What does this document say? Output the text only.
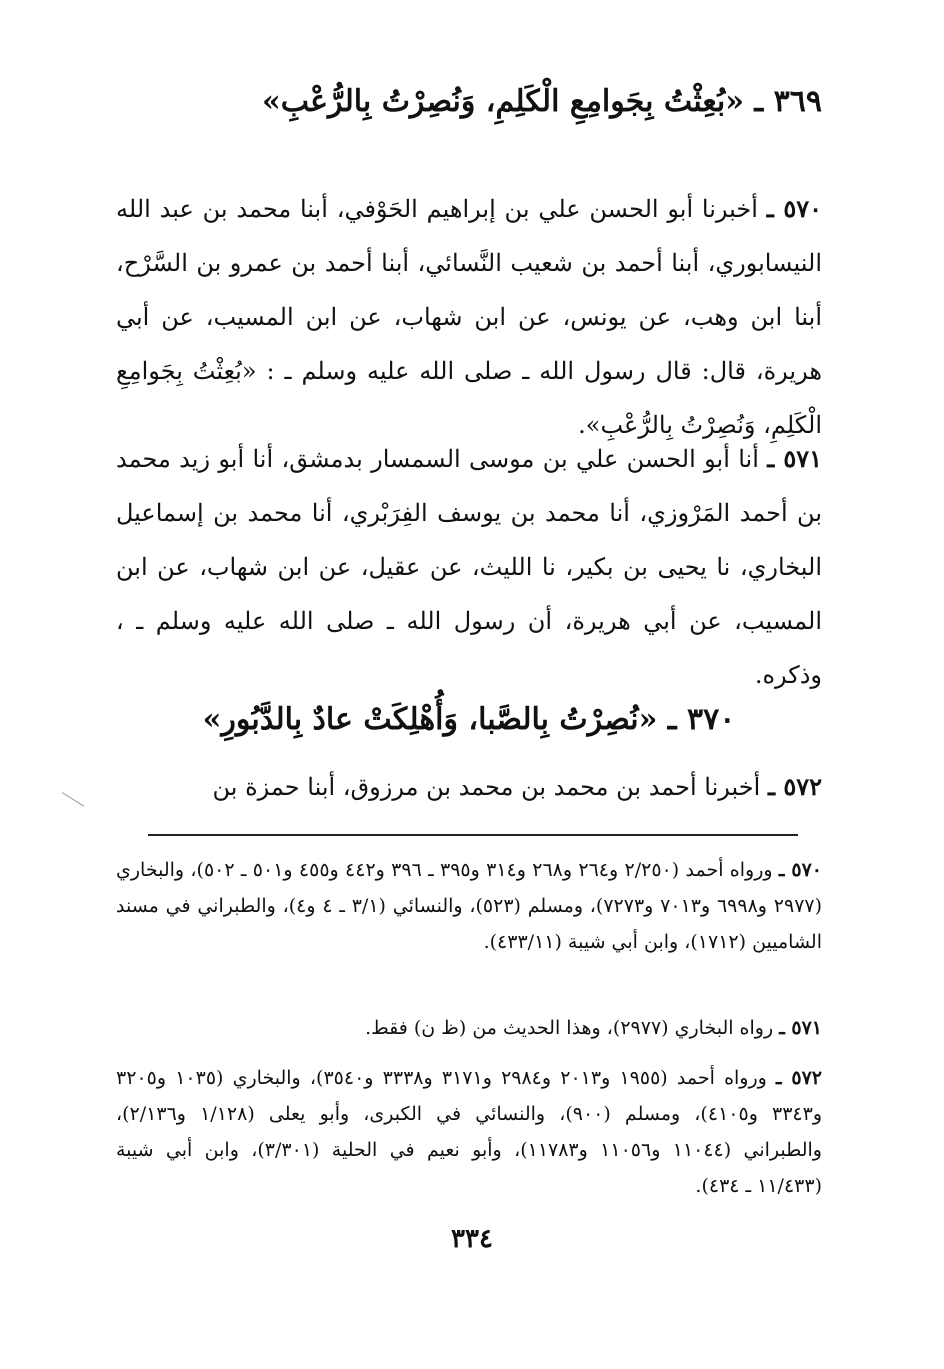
٣٦٩ ـ «بُعِثْتُ بِجَوامِعِ الْكَلِمِ، وَنُصِرْتُ بِالرُّعْبِ»
٥٧٠ ـ أخبرنا أبو الحسن علي بن إبراهيم الحَوْفي، أبنا محمد بن عبد الله النيسابوري، أبنا أحمد بن شعيب النَّسائي، أبنا أحمد بن عمرو بن السَّرْح، أبنا ابن وهب، عن يونس، عن ابن شهاب، عن ابن المسيب، عن أبي هريرة، قال: قال رسول الله ـ صلى الله عليه وسلم ـ : «بُعِثْتُ بِجَوامِعِ الْكَلِمِ، وَنُصِرْتُ بِالرُّعْبِ».
٥٧١ ـ أنا أبو الحسن علي بن موسى السمسار بدمشق، أنا أبو زيد محمد بن أحمد المَرْوزي، أنا محمد بن يوسف الفِرَبْري، أنا محمد بن إسماعيل البخاري، نا يحيى بن بكير، نا الليث، عن عقيل، عن ابن شهاب، عن ابن المسيب، عن أبي هريرة، أن رسول الله ـ صلى الله عليه وسلم ـ ، وذكره.
٣٧٠ ـ «نُصِرْتُ بِالصَّبا، وَأُهْلِكَتْ عادٌ بِالدَّبُورِ»
٥٧٢ ـ أخبرنا أحمد بن محمد بن محمد بن مرزوق، أبنا حمزة بن
٥٧٠ ـ ورواه أحمد (٢/٢٥٠ و٢٦٤ و٢٦٨ و٣١٤ و٣٩٥ ـ ٣٩٦ و٤٤٢ و٤٥٥ و٥٠١ ـ ٥٠٢)، والبخاري (٢٩٧٧ و٦٩٩٨ و٧٠١٣ و٧٢٧٣)، ومسلم (٥٢٣)، والنسائي (٣/١ ـ ٤ و٤)، والطبراني في مسند الشاميين (١٧١٢)، وابن أبي شيبة (٤٣٣/١١).
٥٧١ ـ رواه البخاري (٢٩٧٧)، وهذا الحديث من (ظ ن) فقط.
٥٧٢ ـ ورواه أحمد (١٩٥٥ و٢٠١٣ و٢٩٨٤ و٣١٧١ و٣٣٣٨ و٣٥٤٠)، والبخاري (١٠٣٥ و٣٢٠٥ و٣٣٤٣ و٤١٠٥)، ومسلم (٩٠٠)، والنسائي في الكبرى، وأبو يعلى (١/١٢٨ و٢/١٣٦)، والطبراني (١١٠٤٤ و١١٠٥٦ و١١٧٨٣)، وأبو نعيم في الحلية (٣/٣٠١)، وابن أبي شيبة (١١/٤٣٣ ـ ٤٣٤).
٣٣٤
